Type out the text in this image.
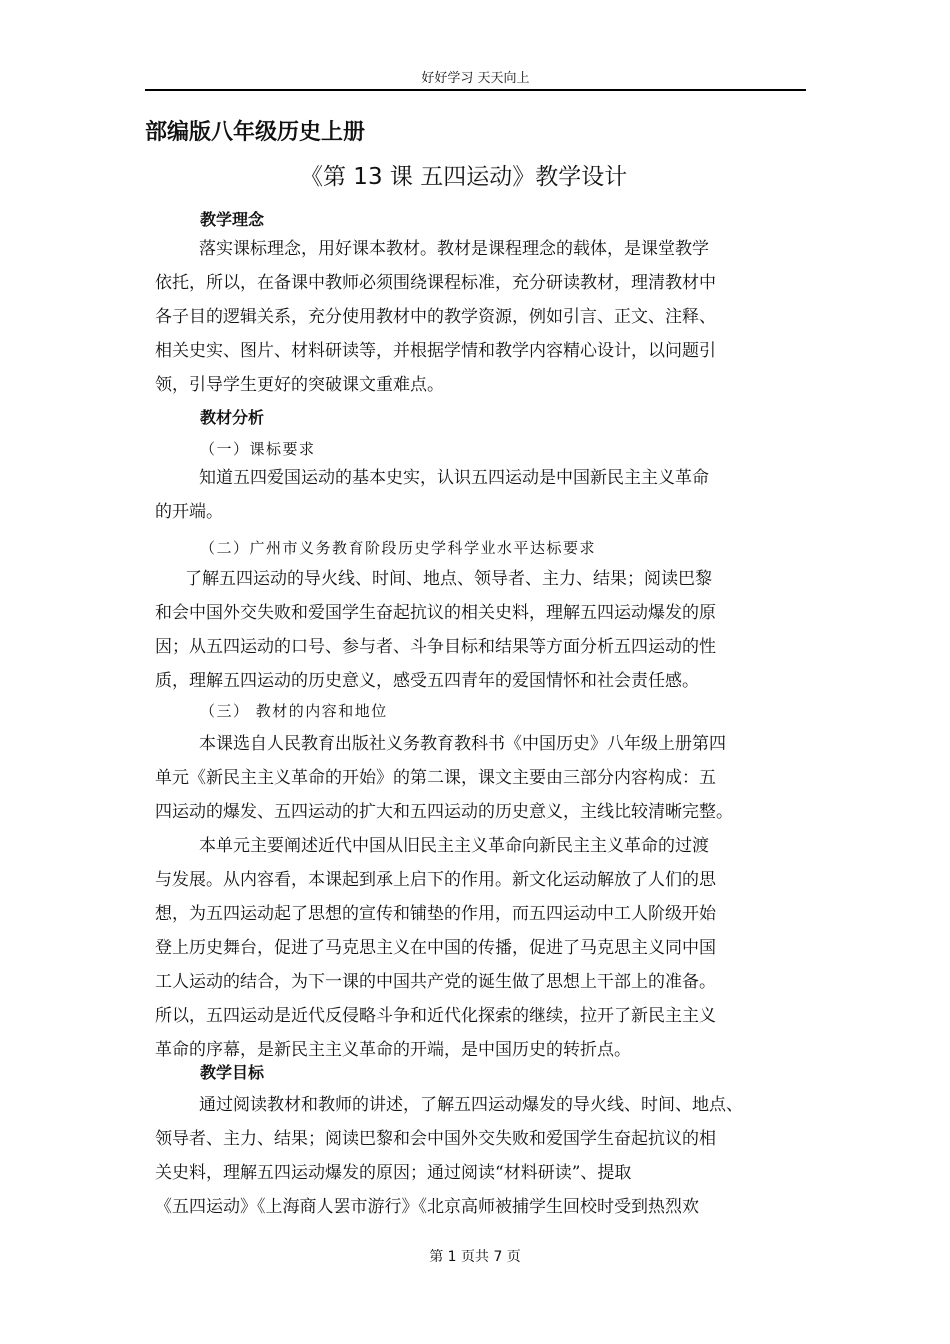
好好学习 天天向上
部编版八年级历史上册
《第 13 课 五四运动》教学设计
教学理念
落实课标理念，用好课本教材。教材是课程理念的载体，是课堂教学
依托，所以，在备课中教师必须围绕课程标准，充分研读教材，理清教材中
各子目的逻辑关系，充分使用教材中的教学资源，例如引言、正文、注释、
相关史实、图片、材料研读等，并根据学情和教学内容精心设计，以问题引
领，引导学生更好的突破课文重难点。
教材分析
（一）课标要求
知道五四爱国运动的基本史实，认识五四运动是中国新民主主义革命
的开端。
（二）广州市义务教育阶段历史学科学业水平达标要求
了解五四运动的导火线、时间、地点、领导者、主力、结果；阅读巴黎
和会中国外交失败和爱国学生奋起抗议的相关史料，理解五四运动爆发的原
因；从五四运动的口号、参与者、斗争目标和结果等方面分析五四运动的性
质，理解五四运动的历史意义，感受五四青年的爱国情怀和社会责任感。
（三） 教材的内容和地位
本课选自人民教育出版社义务教育教科书《中国历史》八年级上册第四
单元《新民主主义革命的开始》的第二课，课文主要由三部分内容构成：五
四运动的爆发、五四运动的扩大和五四运动的历史意义，主线比较清晰完整。
本单元主要阐述近代中国从旧民主主义革命向新民主主义革命的过渡
与发展。从内容看，本课起到承上启下的作用。新文化运动解放了人们的思
想，为五四运动起了思想的宣传和铺垫的作用，而五四运动中工人阶级开始
登上历史舞台，促进了马克思主义在中国的传播，促进了马克思主义同中国
工人运动的结合，为下一课的中国共产党的诞生做了思想上干部上的准备。
所以，五四运动是近代反侵略斗争和近代化探索的继续，拉开了新民主主义
革命的序幕，是新民主主义革命的开端，是中国历史的转折点。
教学目标
通过阅读教材和教师的讲述，了解五四运动爆发的导火线、时间、地点、
领导者、主力、结果；阅读巴黎和会中国外交失败和爱国学生奋起抗议的相
关史料，理解五四运动爆发的原因；通过阅读“材料研读”、提取
《五四运动》《上海商人罢市游行》《北京高师被捕学生回校时受到热烈欢
第 1 页共 7 页
